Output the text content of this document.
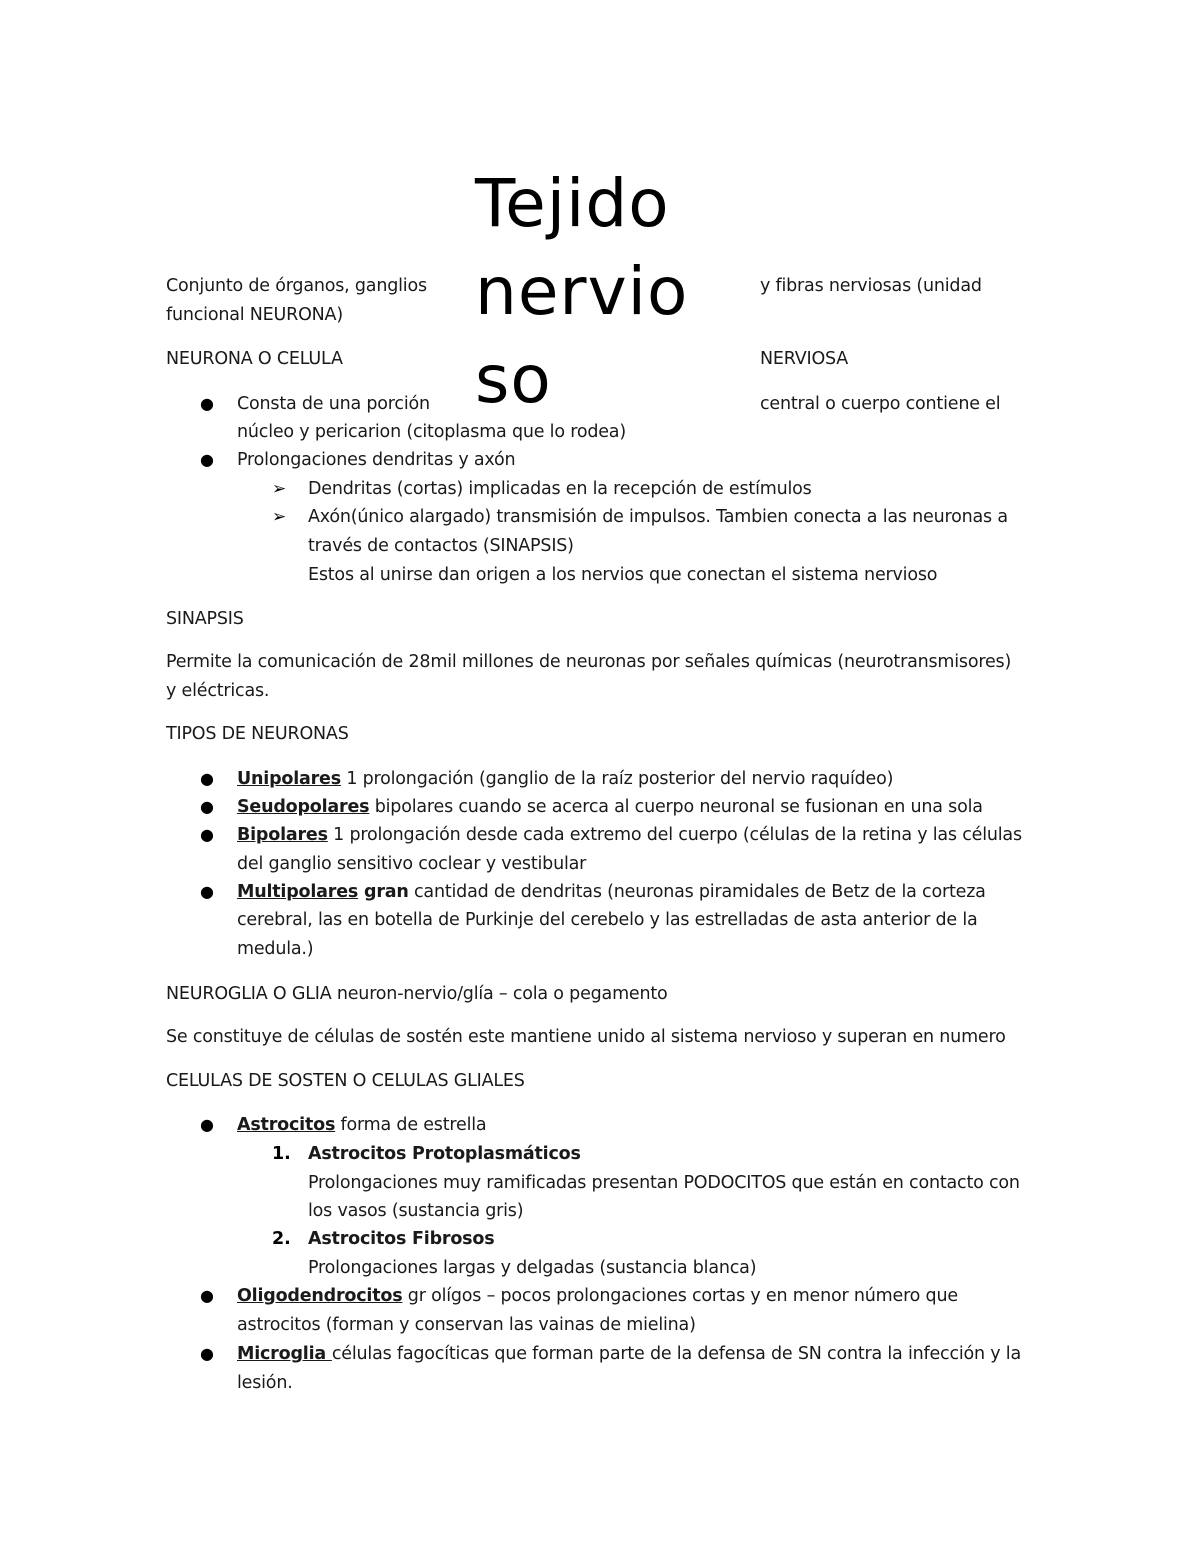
Tejido
nervio
so
Conjunto de órganos, ganglios	y fibras nerviosas (unidad
funcional NEURONA)
NEURONA O CELULA	NERVIOSA
● Consta de una porción	central o cuerpo contiene el
núcleo y pericarion (citoplasma que lo rodea)
● Prolongaciones dendritas y axón
➢ Dendritas (cortas) implicadas en la recepción de estímulos
➢ Axón(único alargado) transmisión de impulsos. Tambien conecta a las neuronas a
través de contactos (SINAPSIS)
Estos al unirse dan origen a los nervios que conectan el sistema nervioso
SINAPSIS
Permite la comunicación de 28mil millones de neuronas por señales químicas (neurotransmisores)
y eléctricas.
TIPOS DE NEURONAS
● Unipolares 1 prolongación (ganglio de la raíz posterior del nervio raquídeo)
● Seudopolares bipolares cuando se acerca al cuerpo neuronal se fusionan en una sola
● Bipolares 1 prolongación desde cada extremo del cuerpo (células de la retina y las células
del ganglio sensitivo coclear y vestibular
● Multipolares gran cantidad de dendritas (neuronas piramidales de Betz de la corteza
cerebral, las en botella de Purkinje del cerebelo y las estrelladas de asta anterior de la
medula.)
NEUROGLIA O GLIA neuron-nervio/glía – cola o pegamento
Se constituye de células de sostén este mantiene unido al sistema nervioso y superan en numero
CELULAS DE SOSTEN O CELULAS GLIALES
● Astrocitos forma de estrella
1. Astrocitos Protoplasmáticos
Prolongaciones muy ramificadas presentan PODOCITOS que están en contacto con
los vasos (sustancia gris)
2. Astrocitos Fibrosos
Prolongaciones largas y delgadas (sustancia blanca)
● Oligodendrocitos gr olígos – pocos prolongaciones cortas y en menor número que
astrocitos (forman y conservan las vainas de mielina)
● Microglia células fagocíticas que forman parte de la defensa de SN contra la infección y la
lesión.
